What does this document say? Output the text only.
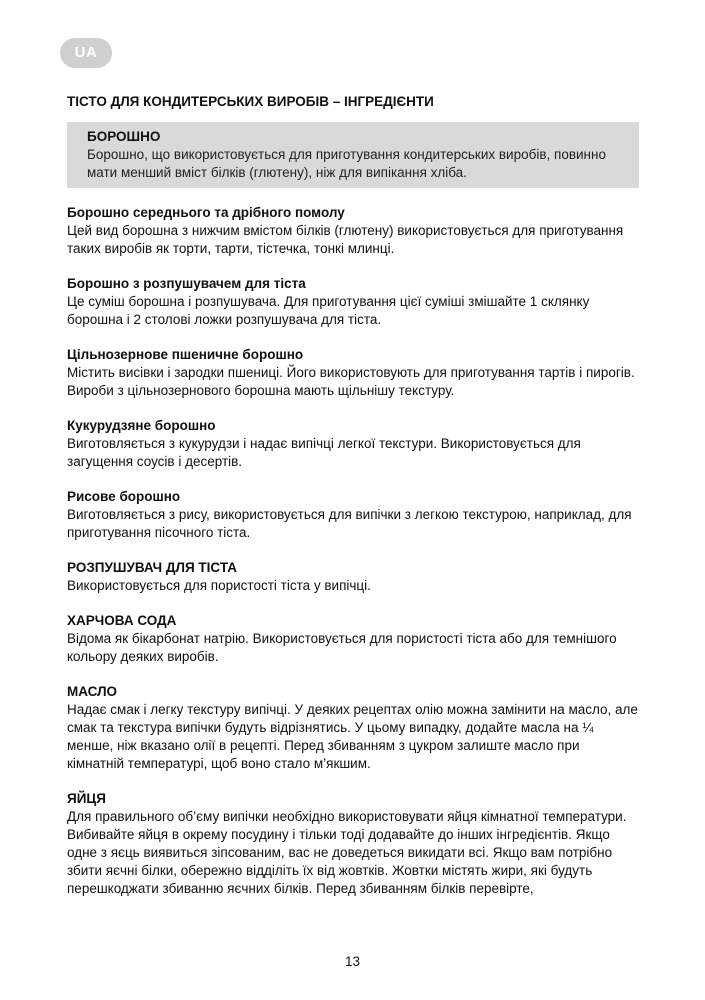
UA
ТІСТО ДЛЯ КОНДИТЕРСЬКИХ ВИРОБІВ – ІНГРЕДІЄНТИ

БОРОШНО

Борошно, що використовується для приготування кондитерських виробів, повинно мати менший вміст білків (глютену), ніж для випікання хліба.

Борошно середнього та дрібного помолу

Цей вид борошна з нижчим вмістом білків (глютену) використовується для приготування таких виробів як торти, тарти, тістечка, тонкі млинці.

Борошно з розпушувачем для тіста

Це суміш борошна і розпушувача. Для приготування цієї суміші змішайте 1 склянку борошна і 2 столові ложки розпушувача для тіста.

Цільнозернове пшеничне борошно

Містить висівки і зародки пшениці. Його використовують для приготування тартів і пирогів. Вироби з цільнозернового борошна мають щільнішу текстуру.

Кукурудзяне борошно

Виготовляється з кукурудзи і надає випічці легкої текстури. Використовується для загущення соусів і десертів.

Рисове борошно

Виготовляється з рису, використовується для випічки з легкою текстурою, наприклад, для приготування пісочного тіста.

РОЗПУШУВАЧ ДЛЯ ТІСТА

Використовується для пористості тіста у випічці.

ХАРЧОВА СОДА

Відома як бікарбонат натрію. Використовується для пористості тіста або для темнішого кольору деяких виробів.

МАСЛО

Надає смак і легку текстуру випічці. У деяких рецептах олію можна замінити на масло, але смак та текстура випічки будуть відрізнятись. У цьому випадку, додайте масла на ¼ менше, ніж вказано олії в рецепті. Перед збиванням з цукром залиште масло при кімнатній температурі, щоб воно стало м’якшим.

ЯЙЦЯ

Для правильного об’єму випічки необхідно використовувати яйця кімнатної температури. Вибивайте яйця в окрему посудину і тільки тоді додавайте до інших інгредієнтів. Якщо одне з яєць виявиться зіпсованим, вас не доведеться викидати всі. Якщо вам потрібно збити яєчні білки, обережно відділіть їх від жовтків. Жовтки містять жири, які будуть перешкоджати збиванню яєчних білків. Перед збиванням білків перевірте,

13
